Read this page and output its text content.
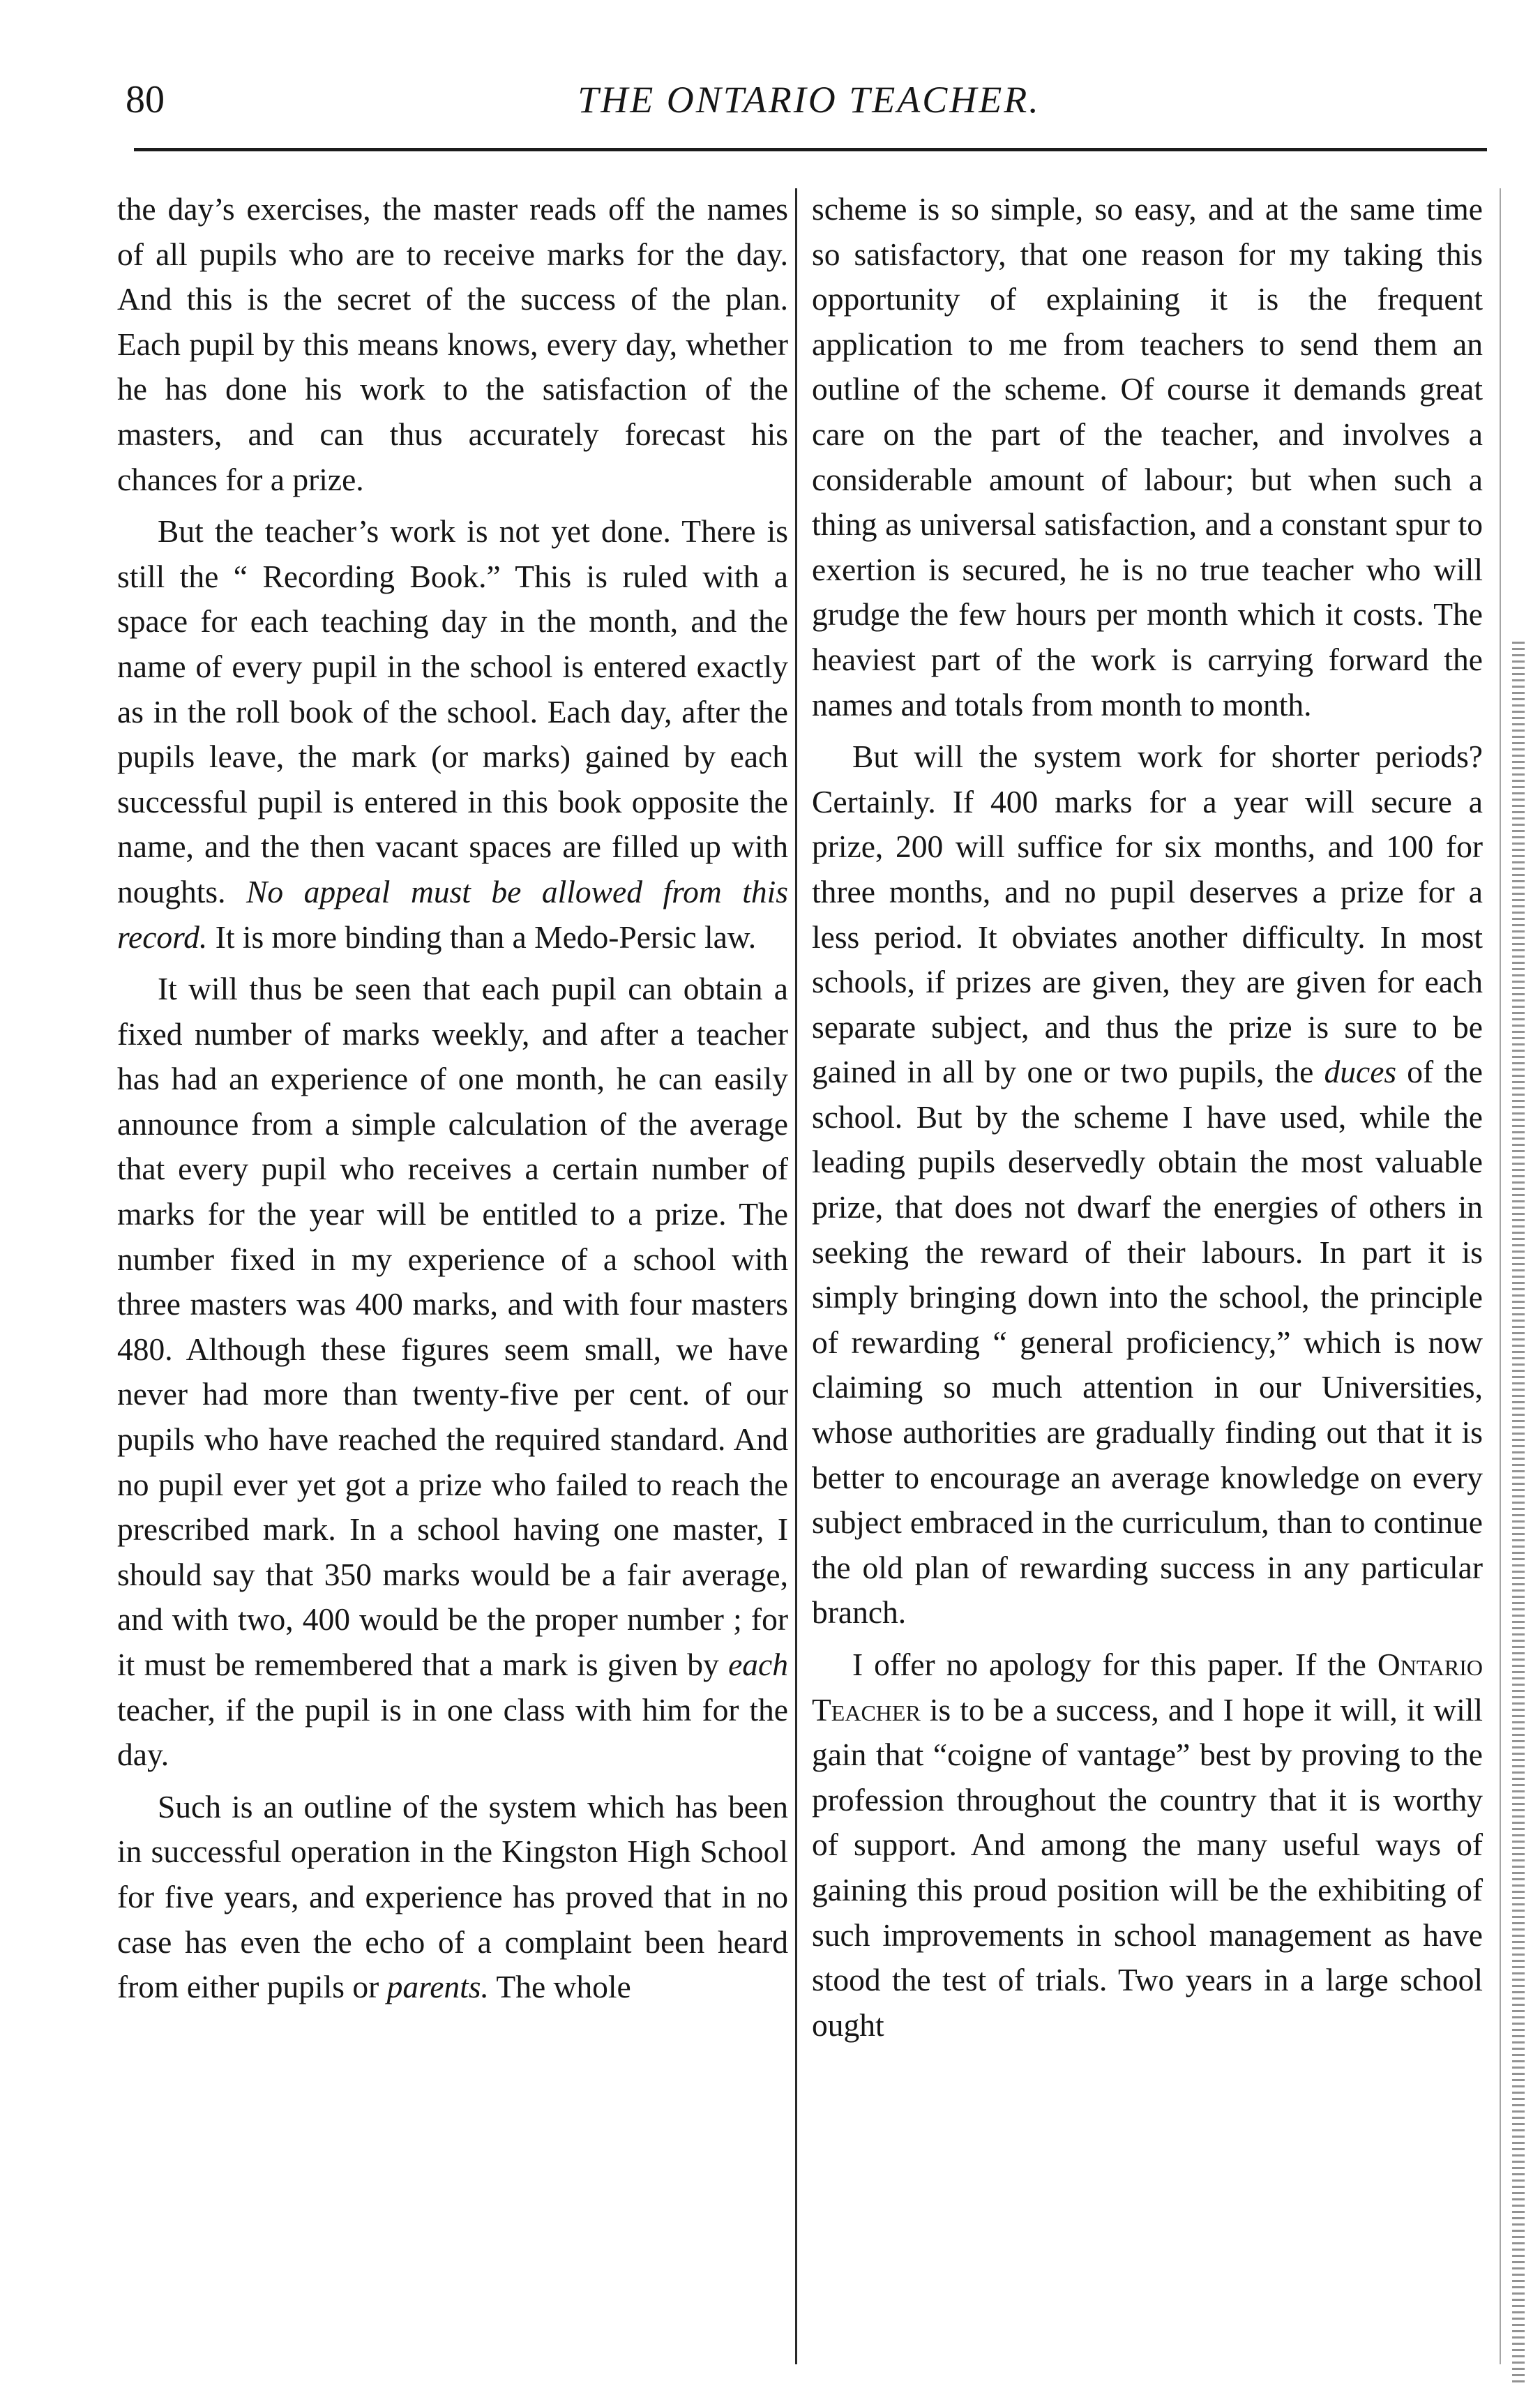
80	THE ONTARIO TEACHER.

the day’s exercises, the master reads off the names of all pupils who are to receive marks for the day. And this is the secret of the success of the plan. Each pupil by this means knows, every day, whether he has done his work to the satisfaction of the masters, and can thus accurately forecast his chances for a prize.

But the teacher’s work is not yet done. There is still the “ Recording Book.” This is ruled with a space for each teaching day in the month, and the name of every pupil in the school is entered exactly as in the roll book of the school. Each day, after the pupils leave, the mark (or marks) gained by each successful pupil is entered in this book opposite the name, and the then vacant spaces are filled up with noughts. No appeal must be allowed from this record. It is more binding than a Medo-Persic law.

It will thus be seen that each pupil can obtain a fixed number of marks weekly, and after a teacher has had an experience of one month, he can easily announce from a simple calculation of the average that every pupil who receives a certain number of marks for the year will be entitled to a prize. The number fixed in my experience of a school with three masters was 400 marks, and with four masters 480. Although these figures seem small, we have never had more than twenty-five per cent. of our pupils who have reached the required standard. And no pupil ever yet got a prize who failed to reach the prescribed mark. In a school having one master, I should say that 350 marks would be a fair average, and with two, 400 would be the proper number ; for it must be remembered that a mark is given by each teacher, if the pupil is in one class with him for the day.

Such is an outline of the system which has been in successful operation in the Kingston High School for five years, and experience has proved that in no case has even the echo of a complaint been heard from either pupils or parents. The whole

scheme is so simple, so easy, and at the same time so satisfactory, that one reason for my taking this opportunity of explaining it is the frequent application to me from teachers to send them an outline of the scheme. Of course it demands great care on the part of the teacher, and involves a considerable amount of labour; but when such a thing as universal satisfaction, and a constant spur to exertion is secured, he is no true teacher who will grudge the few hours per month which it costs. The heaviest part of the work is carrying forward the names and totals from month to month.

But will the system work for shorter periods? Certainly. If 400 marks for a year will secure a prize, 200 will suffice for six months, and 100 for three months, and no pupil deserves a prize for a less period. It obviates another difficulty. In most schools, if prizes are given, they are given for each separate subject, and thus the prize is sure to be gained in all by one or two pupils, the duces of the school. But by the scheme I have used, while the leading pupils deservedly obtain the most valuable prize, that does not dwarf the energies of others in seeking the reward of their labours. In part it is simply bringing down into the school, the principle of rewarding “ general proficiency,” which is now claiming so much attention in our Universities, whose authorities are gradually finding out that it is better to encourage an average knowledge on every subject embraced in the curriculum, than to continue the old plan of rewarding success in any particular branch.

I offer no apology for this paper. If the Ontario Teacher is to be a success, and I hope it will, it will gain that “coigne of vantage” best by proving to the profession throughout the country that it is worthy of support. And among the many useful ways of gaining this proud position will be the exhibiting of such improvements in school management as have stood the test of trials. Two years in a large school ought
